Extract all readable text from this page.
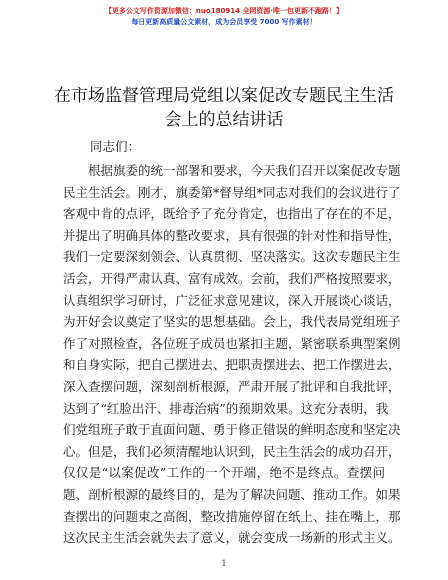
【更多公文写作资源加微信：nuo180914 全网资源·唯一包更新不跑路！】
每日更新高质量公文素材，成为会员享受 7000 写作素材！
在市场监督管理局党组以案促改专题民主生活
会上的总结讲话
同志们：
根据旗委的统一部署和要求，今天我们召开以案促改专题
民主生活会。刚才，旗委第*督导组*同志对我们的会议进行了
客观中肯的点评，既给予了充分肯定，也指出了存在的不足，
并提出了明确具体的整改要求，具有很强的针对性和指导性，
我们一定要深刻领会、认真贯彻、坚决落实。这次专题民主生
活会，开得严肃认真、富有成效。会前，我们严格按照要求，
认真组织学习研讨，广泛征求意见建议，深入开展谈心谈话，
为开好会议奠定了坚实的思想基础。会上，我代表局党组班子
作了对照检查，各位班子成员也紧扣主题，紧密联系典型案例
和自身实际，把自己摆进去、把职责摆进去、把工作摆进去，
深入查摆问题，深刻剖析根源，严肃开展了批评和自我批评，
达到了“红脸出汗、排毒治病”的预期效果。这充分表明，我
们党组班子敢于直面问题、勇于修正错误的鲜明态度和坚定决
心。但是，我们必须清醒地认识到，民主生活会的成功召开，
仅仅是“以案促改”工作的一个开端，绝不是终点。查摆问
题、剖析根源的最终目的，是为了解决问题、推动工作。如果
查摆出的问题束之高阁，整改措施停留在纸上、挂在嘴上，那
这次民主生活会就失去了意义，就会变成一场新的形式主义。
1
